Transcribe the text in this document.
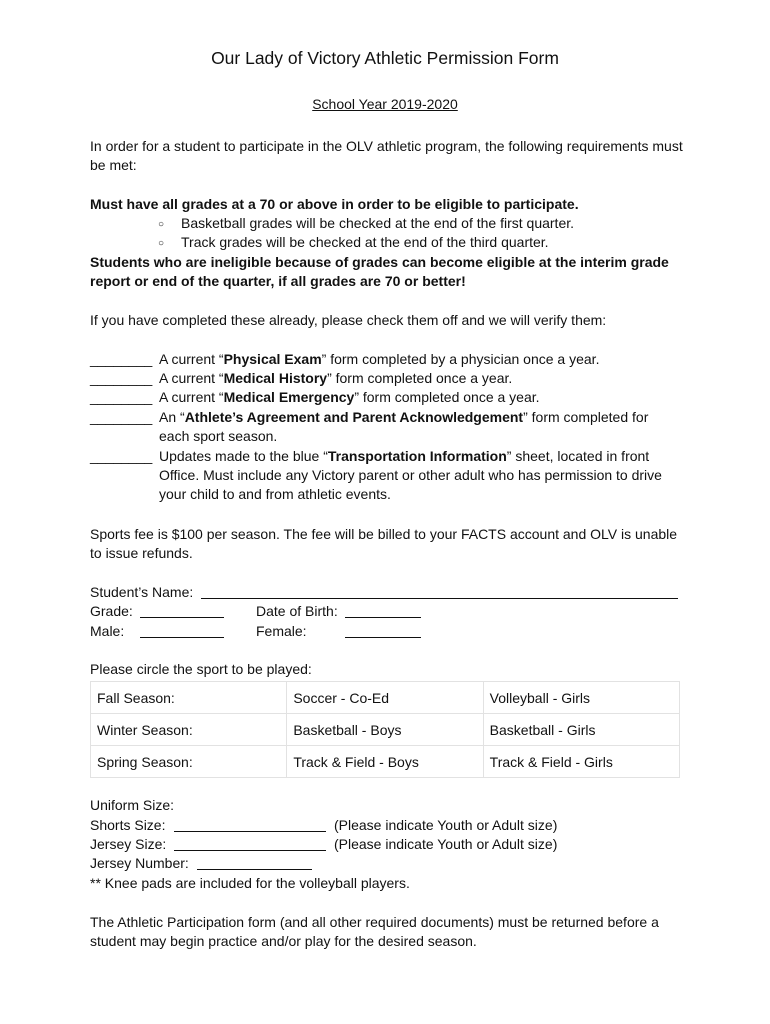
Our Lady of Victory Athletic Permission Form
School Year 2019-2020
In order for a student to participate in the OLV athletic program, the following requirements must
be met:
Must have all grades at a 70 or above in order to be eligible to participate.
○ Basketball grades will be checked at the end of the first quarter.
○ Track grades will be checked at the end of the third quarter.
Students who are ineligible because of grades can become eligible at the interim grade
report or end of the quarter, if all grades are 70 or better!
If you have completed these already, please check them off and we will verify them:
________ A current “Physical Exam” form completed by a physician once a year.
________ A current “Medical History” form completed once a year.
________ A current “Medical Emergency” form completed once a year.
________ An “Athlete’s Agreement and Parent Acknowledgement” form completed for
each sport season.
________ Updates made to the blue “Transportation Information” sheet, located in front
Office. Must include any Victory parent or other adult who has permission to drive
your child to and from athletic events.
Sports fee is $100 per season. The fee will be billed to your FACTS account and OLV is unable
to issue refunds.
Student’s Name:
Grade:	Date of Birth:
Male:	Female:
Please circle the sport to be played:
Fall Season:	Soccer - Co-Ed	Volleyball - Girls
Winter Season:	Basketball - Boys	Basketball - Girls
Spring Season:	Track & Field - Boys	Track & Field - Girls
Uniform Size:
Shorts Size:	(Please indicate Youth or Adult size)
Jersey Size:	(Please indicate Youth or Adult size)
Jersey Number:
** Knee pads are included for the volleyball players.
The Athletic Participation form (and all other required documents) must be returned before a
student may begin practice and/or play for the desired season.
